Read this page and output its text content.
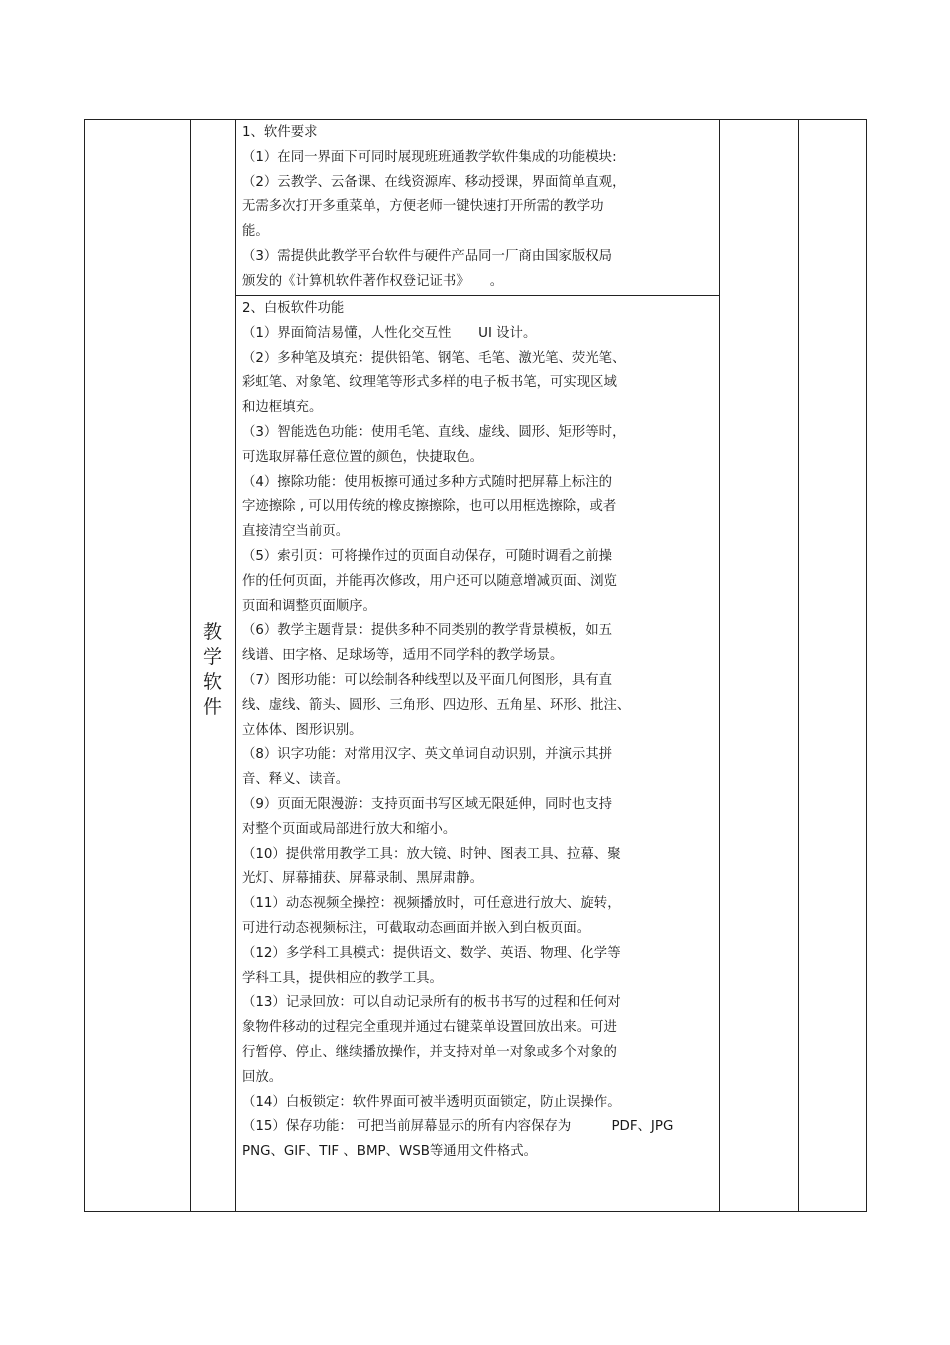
教
学
软
件
1、软件要求
（1）在同一界面下可同时展现班班通教学软件集成的功能模块:
（2）云教学、云备课、在线资源库、移动授课，界面简单直观，
无需多次打开多重菜单，方便老师一键快速打开所需的教学功
能。
（3）需提供此教学平台软件与硬件产品同一厂商由国家版权局
颁发的《计算机软件著作权登记证书》　　。
2、白板软件功能
（1）界面简洁易懂，人性化交互性　　UI 设计。
（2）多种笔及填充：提供铅笔、钢笔、毛笔、激光笔、荧光笔、
彩虹笔、对象笔、纹理笔等形式多样的电子板书笔，可实现区域
和边框填充。
（3）智能选色功能：使用毛笔、直线、虚线、圆形、矩形等时，
可选取屏幕任意位置的颜色，快捷取色。
（4）擦除功能：使用板擦可通过多种方式随时把屏幕上标注的
字迹擦除 , 可以用传统的橡皮擦擦除，也可以用框选擦除，或者
直接清空当前页。
（5）索引页：可将操作过的页面自动保存，可随时调看之前操
作的任何页面，并能再次修改，用户还可以随意增减页面、浏览
页面和调整页面顺序。
（6）教学主题背景：提供多种不同类别的教学背景模板，如五
线谱、田字格、足球场等，适用不同学科的教学场景。
（7）图形功能：可以绘制各种线型以及平面几何图形，具有直
线、虚线、箭头、圆形、三角形、四边形、五角星、环形、批注、
立体体、图形识别。
（8）识字功能：对常用汉字、英文单词自动识别，并演示其拼
音、释义、读音。
（9）页面无限漫游：支持页面书写区域无限延伸，同时也支持
对整个页面或局部进行放大和缩小。
（10）提供常用教学工具：放大镜、时钟、图表工具、拉幕、聚
光灯、屏幕捕获、屏幕录制、黑屏肃静。
（11）动态视频全操控：视频播放时，可任意进行放大、旋转，
可进行动态视频标注，可截取动态画面并嵌入到白板页面。
（12）多学科工具模式：提供语文、数学、英语、物理、化学等
学科工具，提供相应的教学工具。
（13）记录回放：可以自动记录所有的板书书写的过程和任何对
象物件移动的过程完全重现并通过右键菜单设置回放出来。可进
行暂停、停止、继续播放操作，并支持对单一对象或多个对象的
回放。
（14）白板锁定：软件界面可被半透明页面锁定，防止误操作。
（15）保存功能： 可把当前屏幕显示的所有内容保存为　　　PDF、JPG
PNG、GIF、TIF 、BMP、WSB等通用文件格式。
